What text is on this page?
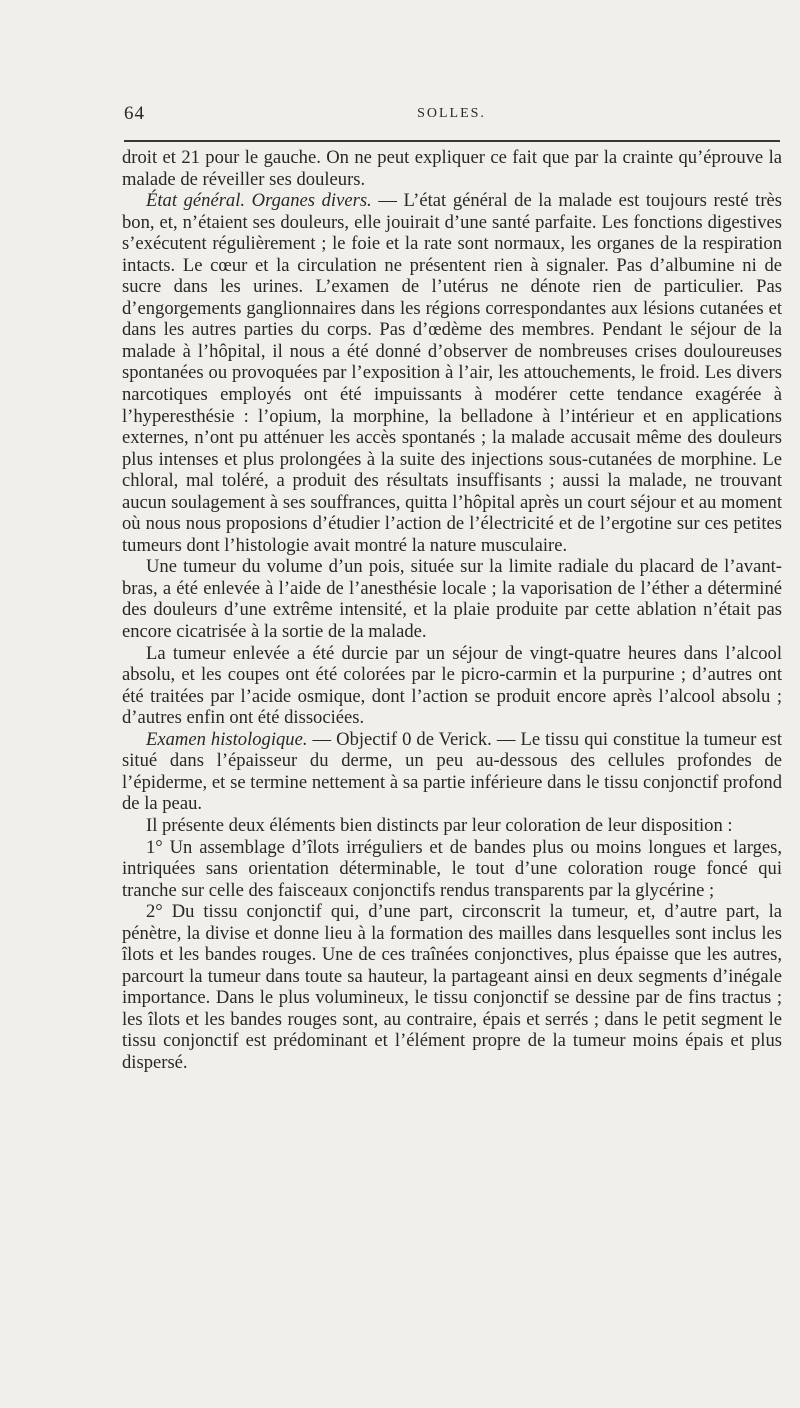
64	SOLLES.

droit et 21 pour le gauche. On ne peut expliquer ce fait que par la crainte qu’éprouve la malade de réveiller ses douleurs.

État général. Organes divers. — L’état général de la malade est toujours resté très bon, et, n’étaient ses douleurs, elle jouirait d’une santé parfaite. Les fonctions digestives s’exécutent régulièrement ; le foie et la rate sont normaux, les organes de la respiration intacts. Le cœur et la circulation ne présentent rien à signaler. Pas d’albumine ni de sucre dans les urines. L’examen de l’utérus ne dénote rien de particulier. Pas d’engorgements ganglionnaires dans les régions correspondantes aux lésions cutanées et dans les autres parties du corps. Pas d’œdème des membres. Pendant le séjour de la malade à l’hôpital, il nous a été donné d’observer de nombreuses crises douloureuses spontanées ou provoquées par l’exposition à l’air, les attouchements, le froid. Les divers narcotiques employés ont été impuissants à modérer cette tendance exagérée à l’hyperesthésie : l’opium, la morphine, la belladone à l’intérieur et en applications externes, n’ont pu atténuer les accès spontanés ; la malade accusait même des douleurs plus intenses et plus prolongées à la suite des injections sous-cutanées de morphine. Le chloral, mal toléré, a produit des résultats insuffisants ; aussi la malade, ne trouvant aucun soulagement à ses souffrances, quitta l’hôpital après un court séjour et au moment où nous nous proposions d’étudier l’action de l’électricité et de l’ergotine sur ces petites tumeurs dont l’histologie avait montré la nature musculaire.

Une tumeur du volume d’un pois, située sur la limite radiale du placard de l’avant-bras, a été enlevée à l’aide de l’anesthésie locale ; la vaporisation de l’éther a déterminé des douleurs d’une extrême intensité, et la plaie produite par cette ablation n’était pas encore cicatrisée à la sortie de la malade.

La tumeur enlevée a été durcie par un séjour de vingt-quatre heures dans l’alcool absolu, et les coupes ont été colorées par le picro-carmin et la purpurine ; d’autres ont été traitées par l’acide osmique, dont l’action se produit encore après l’alcool absolu ; d’autres enfin ont été dissociées.

Examen histologique. — Objectif 0 de Verick. — Le tissu qui constitue la tumeur est situé dans l’épaisseur du derme, un peu au-dessous des cellules profondes de l’épiderme, et se termine nettement à sa partie inférieure dans le tissu conjonctif profond de la peau.

Il présente deux éléments bien distincts par leur coloration de leur disposition :

1° Un assemblage d’îlots irréguliers et de bandes plus ou moins longues et larges, intriquées sans orientation déterminable, le tout d’une coloration rouge foncé qui tranche sur celle des faisceaux conjonctifs rendus transparents par la glycérine ;

2° Du tissu conjonctif qui, d’une part, circonscrit la tumeur, et, d’autre part, la pénètre, la divise et donne lieu à la formation des mailles dans lesquelles sont inclus les îlots et les bandes rouges. Une de ces traînées conjonctives, plus épaisse que les autres, parcourt la tumeur dans toute sa hauteur, la partageant ainsi en deux segments d’inégale importance. Dans le plus volumineux, le tissu conjonctif se dessine par de fins tractus ; les îlots et les bandes rouges sont, au contraire, épais et serrés ; dans le petit segment le tissu conjonctif est prédominant et l’élément propre de la tumeur moins épais et plus dispersé.
